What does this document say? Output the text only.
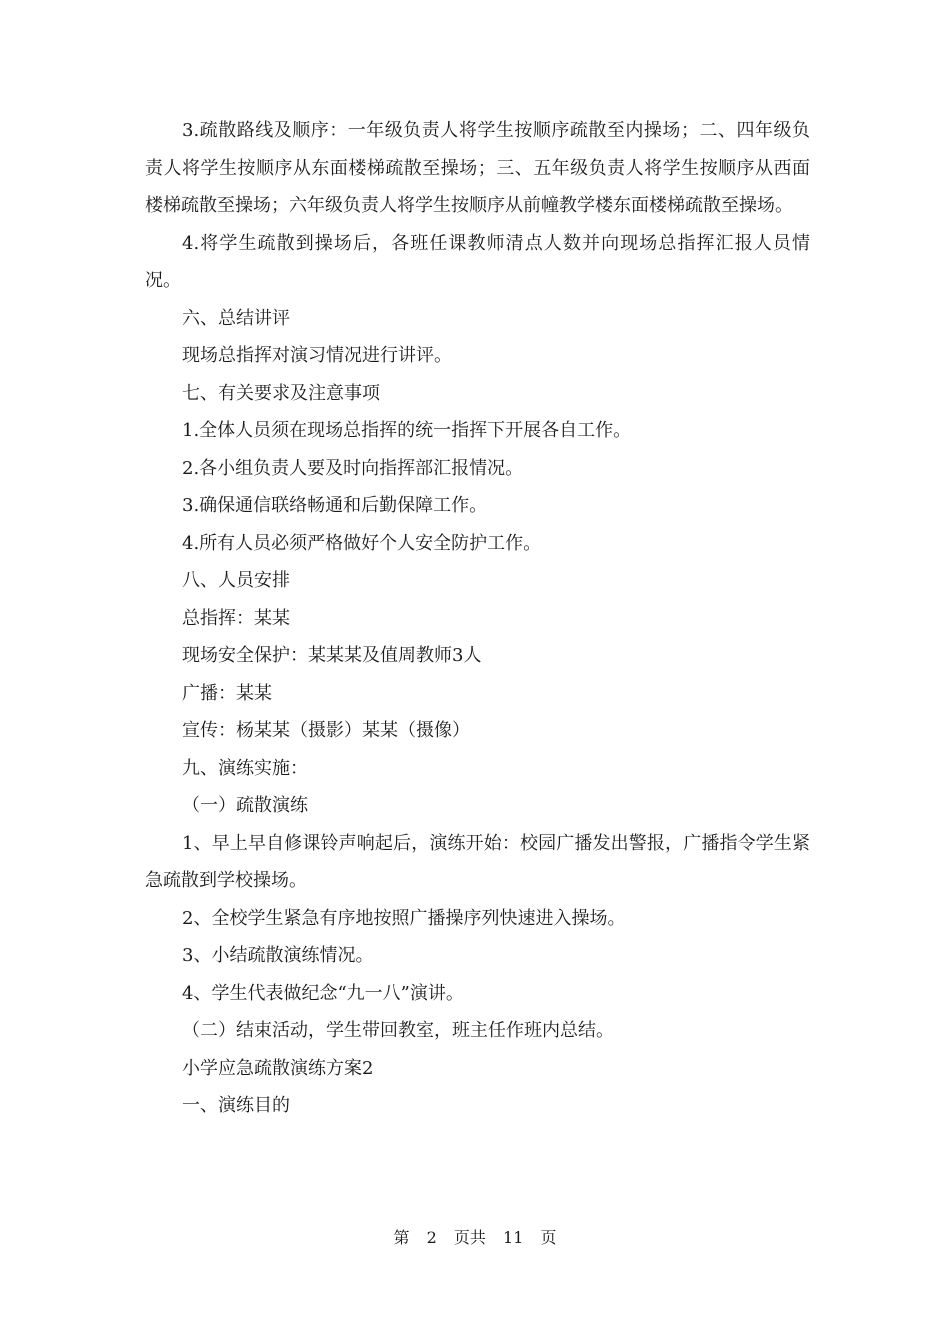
3.疏散路线及顺序：一年级负责人将学生按顺序疏散至内操场；二、四年级负责人将学生按顺序从东面楼梯疏散至操场；三、五年级负责人将学生按顺序从西面楼梯疏散至操场；六年级负责人将学生按顺序从前幢教学楼东面楼梯疏散至操场。

4.将学生疏散到操场后，各班任课教师清点人数并向现场总指挥汇报人员情况。

六、总结讲评

现场总指挥对演习情况进行讲评。

七、有关要求及注意事项

1.全体人员须在现场总指挥的统一指挥下开展各自工作。

2.各小组负责人要及时向指挥部汇报情况。

3.确保通信联络畅通和后勤保障工作。

4.所有人员必须严格做好个人安全防护工作。

八、人员安排

总指挥：某某

现场安全保护：某某某及值周教师3人

广播：某某

宣传：杨某某（摄影）某某（摄像）

九、演练实施：

（一）疏散演练

1、早上早自修课铃声响起后，演练开始：校园广播发出警报，广播指令学生紧急疏散到学校操场。

2、全校学生紧急有序地按照广播操序列快速进入操场。

3、小结疏散演练情况。

4、学生代表做纪念“九一八”演讲。

（二）结束活动，学生带回教室，班主任作班内总结。

小学应急疏散演练方案2

一、演练目的

第 2 页共 11 页
